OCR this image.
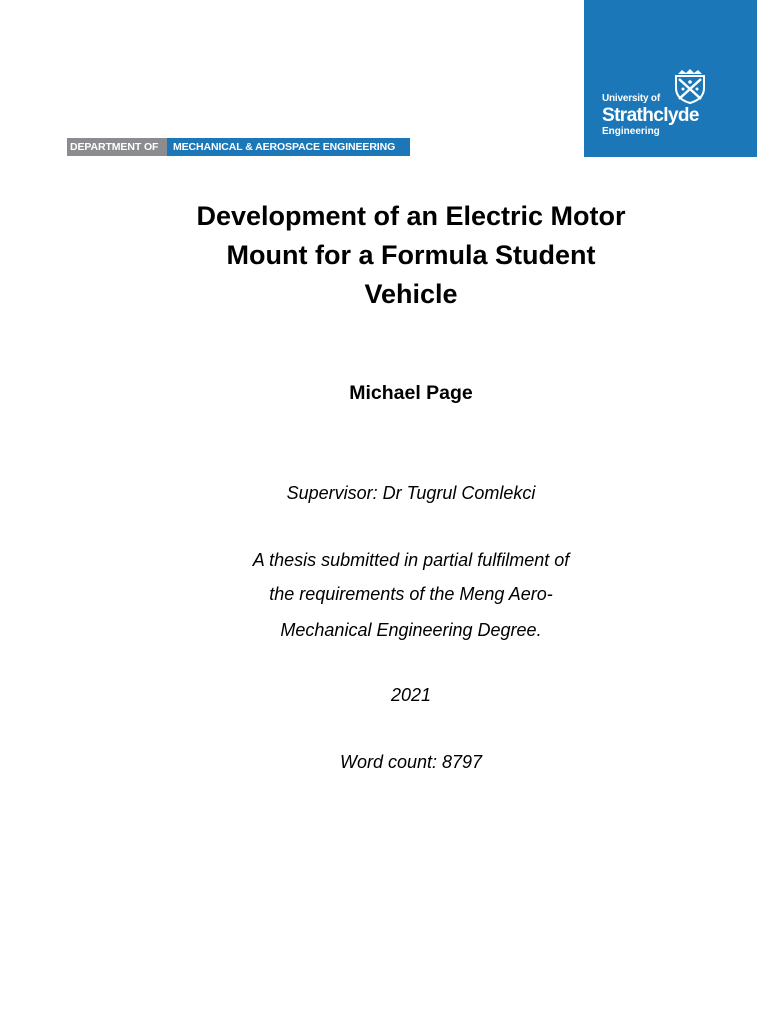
University of
Strathclyde
Engineering
DEPARTMENT OF	MECHANICAL & AEROSPACE ENGINEERING
Development of an Electric Motor
Mount for a Formula Student
Vehicle
Michael Page
Supervisor: Dr Tugrul Comlekci
A thesis submitted in partial fulfilment of
the requirements of the Meng Aero-
Mechanical Engineering Degree.
2021
Word count: 8797
